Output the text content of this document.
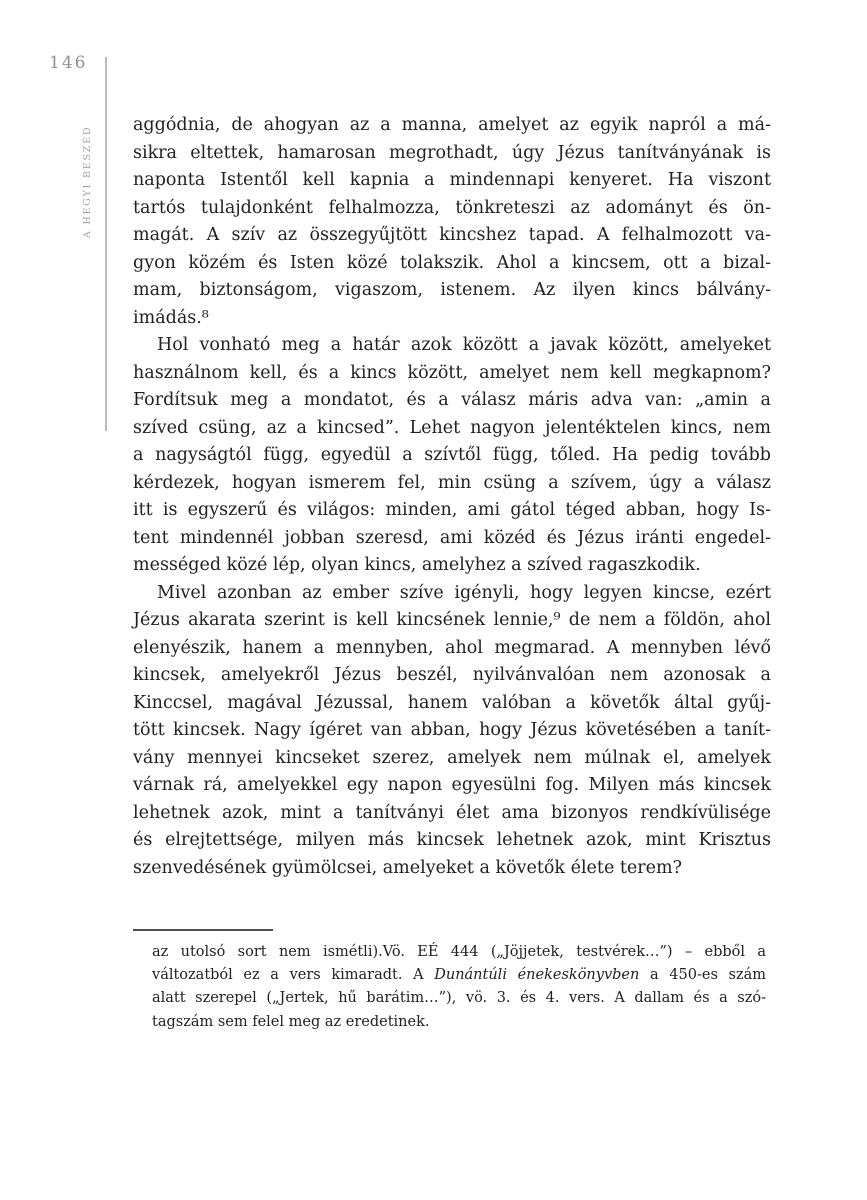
146
A HEGYI BESZÉD
aggódnia, de ahogyan az a manna, amelyet az egyik napról a má-
sikra eltettek, hamarosan megrothadt, úgy Jézus tanítványának is
naponta Istentől kell kapnia a mindennapi kenyeret. Ha viszont
tartós tulajdonként felhalmozza, tönkreteszi az adományt és ön-
magát. A szív az összegyűjtött kincshez tapad. A felhalmozott va-
gyon közém és Isten közé tolakszik. Ahol a kincsem, ott a bizal-
mam, biztonságom, vigaszom, istenem. Az ilyen kincs bálvány-
imádás.⁸
Hol vonható meg a határ azok között a javak között, amelyeket
használnom kell, és a kincs között, amelyet nem kell megkapnom?
Fordítsuk meg a mondatot, és a válasz máris adva van: „amin a
szíved csüng, az a kincsed”. Lehet nagyon jelentéktelen kincs, nem
a nagyságtól függ, egyedül a szívtől függ, tőled. Ha pedig tovább
kérdezek, hogyan ismerem fel, min csüng a szívem, úgy a válasz
itt is egyszerű és világos: minden, ami gátol téged abban, hogy Is-
tent mindennél jobban szeresd, ami közéd és Jézus iránti engedel-
mességed közé lép, olyan kincs, amelyhez a szíved ragaszkodik.
Mivel azonban az ember szíve igényli, hogy legyen kincse, ezért
Jézus akarata szerint is kell kincsének lennie,⁹ de nem a földön, ahol
elenyészik, hanem a mennyben, ahol megmarad. A mennyben lévő
kincsek, amelyekről Jézus beszél, nyilvánvalóan nem azonosak a
Kinccsel, magával Jézussal, hanem valóban a követők által gyűj-
tött kincsek. Nagy ígéret van abban, hogy Jézus követésében a tanít-
vány mennyei kincseket szerez, amelyek nem múlnak el, amelyek
várnak rá, amelyekkel egy napon egyesülni fog. Milyen más kincsek
lehetnek azok, mint a tanítványi élet ama bizonyos rendkívülisége
és elrejtettsége, milyen más kincsek lehetnek azok, mint Krisztus
szenvedésének gyümölcsei, amelyeket a követők élete terem?
az utolsó sort nem ismétli).Vö. EÉ 444 („Jöjjetek, testvérek…”) – ebből a
változatból ez a vers kimaradt. A Dunántúli énekeskönyvben a 450-es szám
alatt szerepel („Jertek, hű barátim…”), vö. 3. és 4. vers. A dallam és a szó-
tagszám sem felel meg az eredetinek.
